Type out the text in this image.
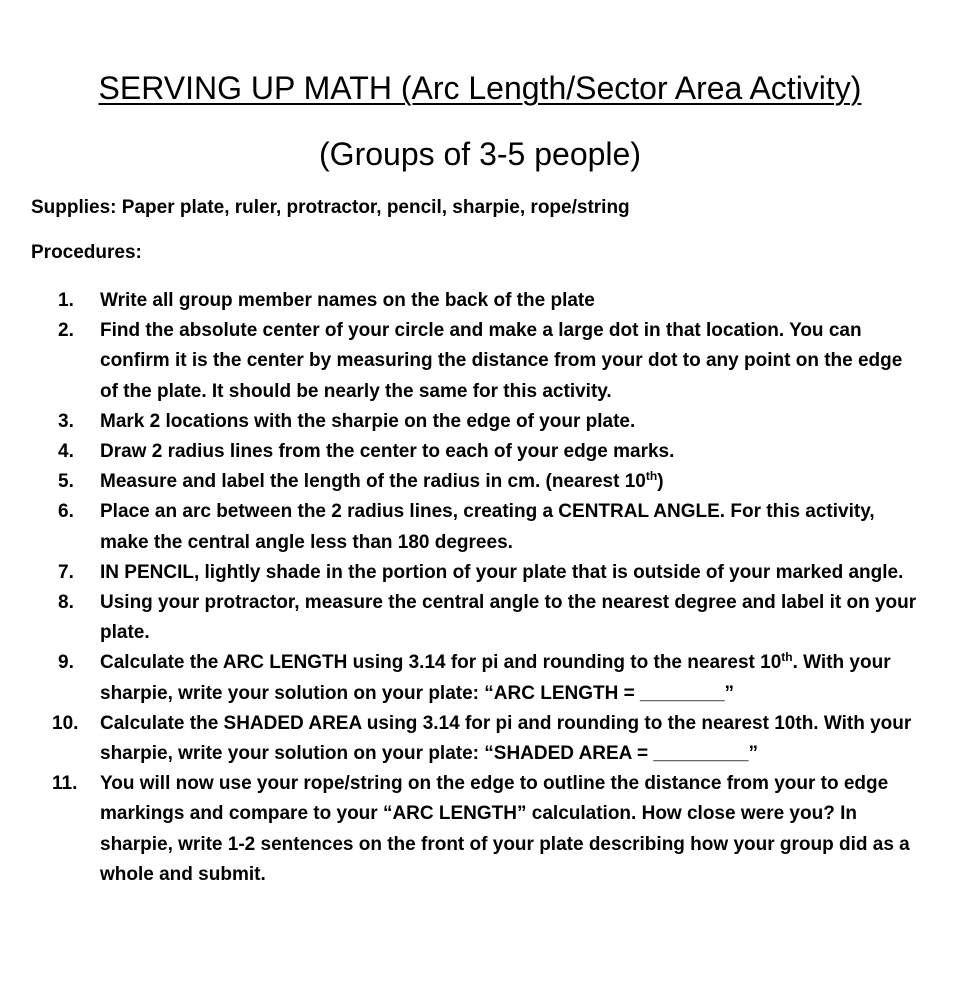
SERVING UP MATH (Arc Length/Sector Area Activity)
(Groups of 3-5 people)
Supplies: Paper plate, ruler, protractor, pencil, sharpie, rope/string
Procedures:
1.	Write all group member names on the back of the plate
2.	Find the absolute center of your circle and make a large dot in that location. You can confirm it is the center by measuring the distance from your dot to any point on the edge of the plate. It should be nearly the same for this activity.
3.	Mark 2 locations with the sharpie on the edge of your plate.
4.	Draw 2 radius lines from the center to each of your edge marks.
5.	Measure and label the length of the radius in cm. (nearest 10th)
6.	Place an arc between the 2 radius lines, creating a CENTRAL ANGLE. For this activity, make the central angle less than 180 degrees.
7.	IN PENCIL, lightly shade in the portion of your plate that is outside of your marked angle.
8.	Using your protractor, measure the central angle to the nearest degree and label it on your plate.
9.	Calculate the ARC LENGTH using 3.14 for pi and rounding to the nearest 10th. With your sharpie, write your solution on your plate: “ARC LENGTH = ________”
10.	Calculate the SHADED AREA using 3.14 for pi and rounding to the nearest 10th. With your sharpie, write your solution on your plate: “SHADED AREA = _________”
11.	You will now use your rope/string on the edge to outline the distance from your to edge markings and compare to your “ARC LENGTH” calculation. How close were you? In sharpie, write 1-2 sentences on the front of your plate describing how your group did as a whole and submit.
